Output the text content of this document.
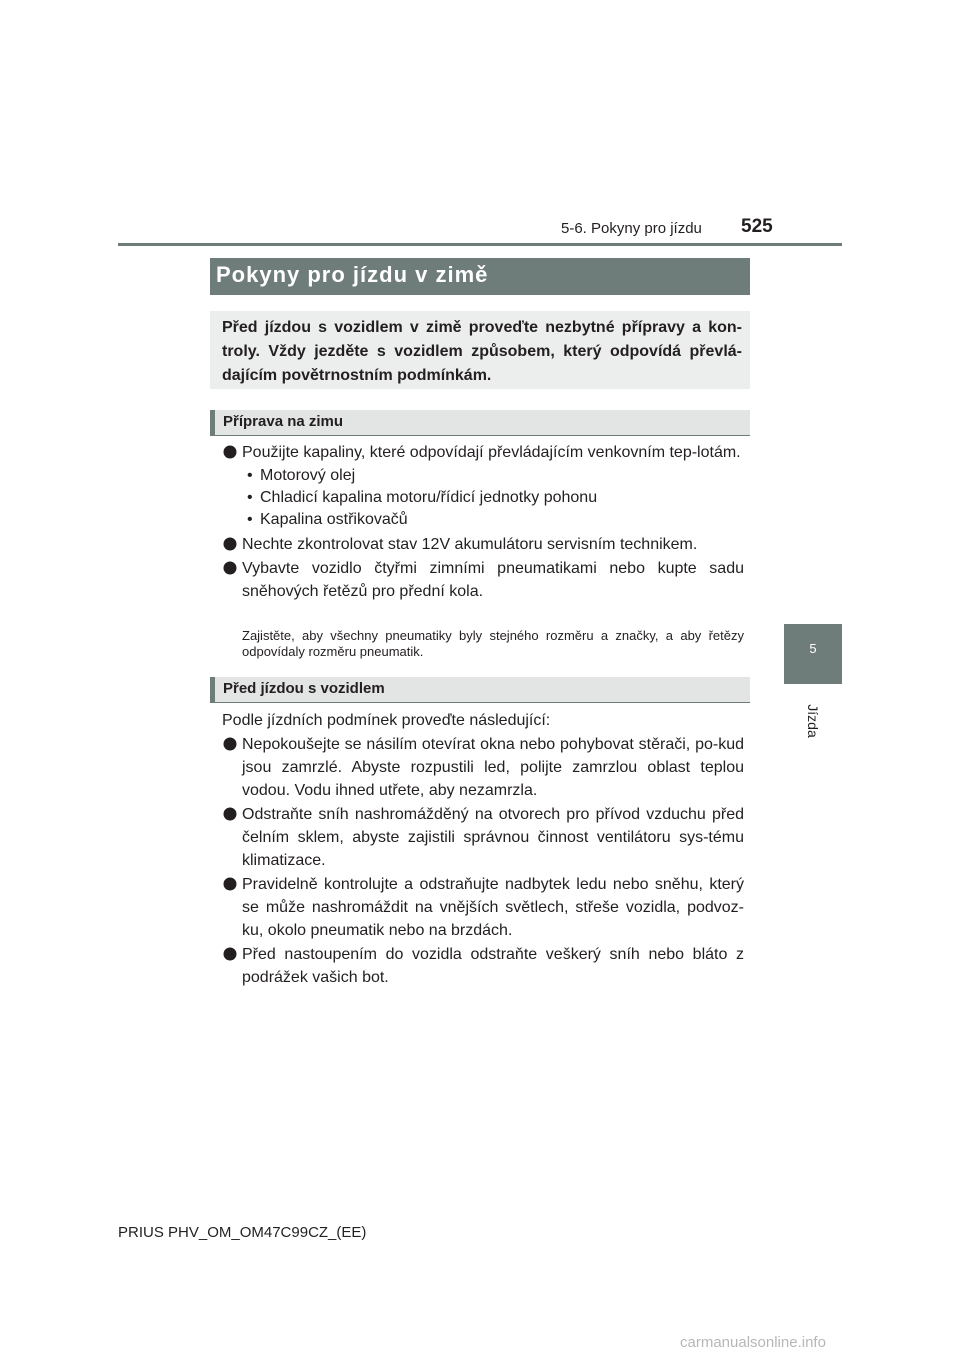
5-6. Pokyny pro jízdu 525
5
Jízda
Pokyny pro jízdu v zimě
Před jízdou s vozidlem v zimě proveďte nezbytné přípravy a kon-troly. Vždy jezděte s vozidlem způsobem, který odpovídá převlá-dajícím povětrnostním podmínkám.
Příprava na zimu
Použijte kapaliny, které odpovídají převládajícím venkovním tep-lotám.
• Motorový olej
• Chladicí kapalina motoru/řídicí jednotky pohonu
• Kapalina ostřikovačů
Nechte zkontrolovat stav 12V akumulátoru servisním technikem.
Vybavte vozidlo čtyřmi zimními pneumatikami nebo kupte sadu sněhových řetězů pro přední kola.
Zajistěte, aby všechny pneumatiky byly stejného rozměru a značky, a aby řetězy odpovídaly rozměru pneumatik.
Před jízdou s vozidlem
Podle jízdních podmínek proveďte následující:
Nepokoušejte se násilím otevírat okna nebo pohybovat stěrači, po-kud jsou zamrzlé. Abyste rozpustili led, polijte zamrzlou oblast teplou vodou. Vodu ihned utřete, aby nezamrzla.
Odstraňte sníh nashromážděný na otvorech pro přívod vzduchu před čelním sklem, abyste zajistili správnou činnost ventilátoru sys-tému klimatizace.
Pravidelně kontrolujte a odstraňujte nadbytek ledu nebo sněhu, který se může nashromáždit na vnějších světlech, střeše vozidla, podvoz-ku, okolo pneumatik nebo na brzdách.
Před nastoupením do vozidla odstraňte veškerý sníh nebo bláto z podrážek vašich bot.
PRIUS PHV_OM_OM47C99CZ_(EE)
carmanualsonline.info
